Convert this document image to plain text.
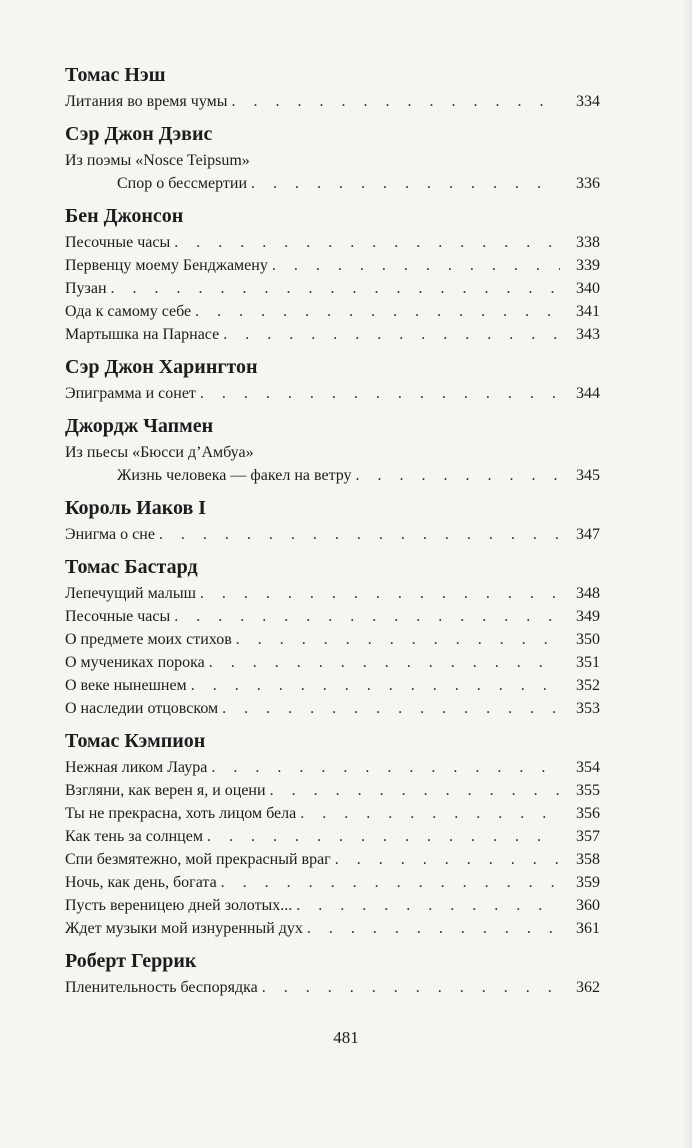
Томас Нэш
Литания во время чумы . . .	334
Сэр Джон Дэвис
Из поэмы «Nosce Teipsum»
Спор о бессмертии . . .	336
Бен Джонсон
Песочные часы . . .	338
Первенцу моему Бенджамену . . .	339
Пузан . . .	340
Ода к самому себе . . .	341
Мартышка на Парнасе . . .	343
Сэр Джон Харингтон
Эпиграмма и сонет . . .	344
Джордж Чапмен
Из пьесы «Бюсси д’Амбуа»
Жизнь человека — факел на ветру . . .	345
Король Иаков I
Энигма о сне . . .	347
Томас Бастард
Лепечущий малыш . . .	348
Песочные часы . . .	349
О предмете моих стихов . . .	350
О мучениках порока . . .	351
О веке нынешнем . . .	352
О наследии отцовском . . .	353
Томас Кэмпион
Нежная ликом Лаура . . .	354
Взгляни, как верен я, и оцени . . .	355
Ты не прекрасна, хоть лицом бела . . .	356
Как тень за солнцем . . .	357
Спи безмятежно, мой прекрасный враг . . .	358
Ночь, как день, богата . . .	359
Пусть вереницею дней золотых... . . .	360
Ждет музыки мой изнуренный дух . . .	361
Роберт Геррик
Пленительность беспорядка . . .	362
481
